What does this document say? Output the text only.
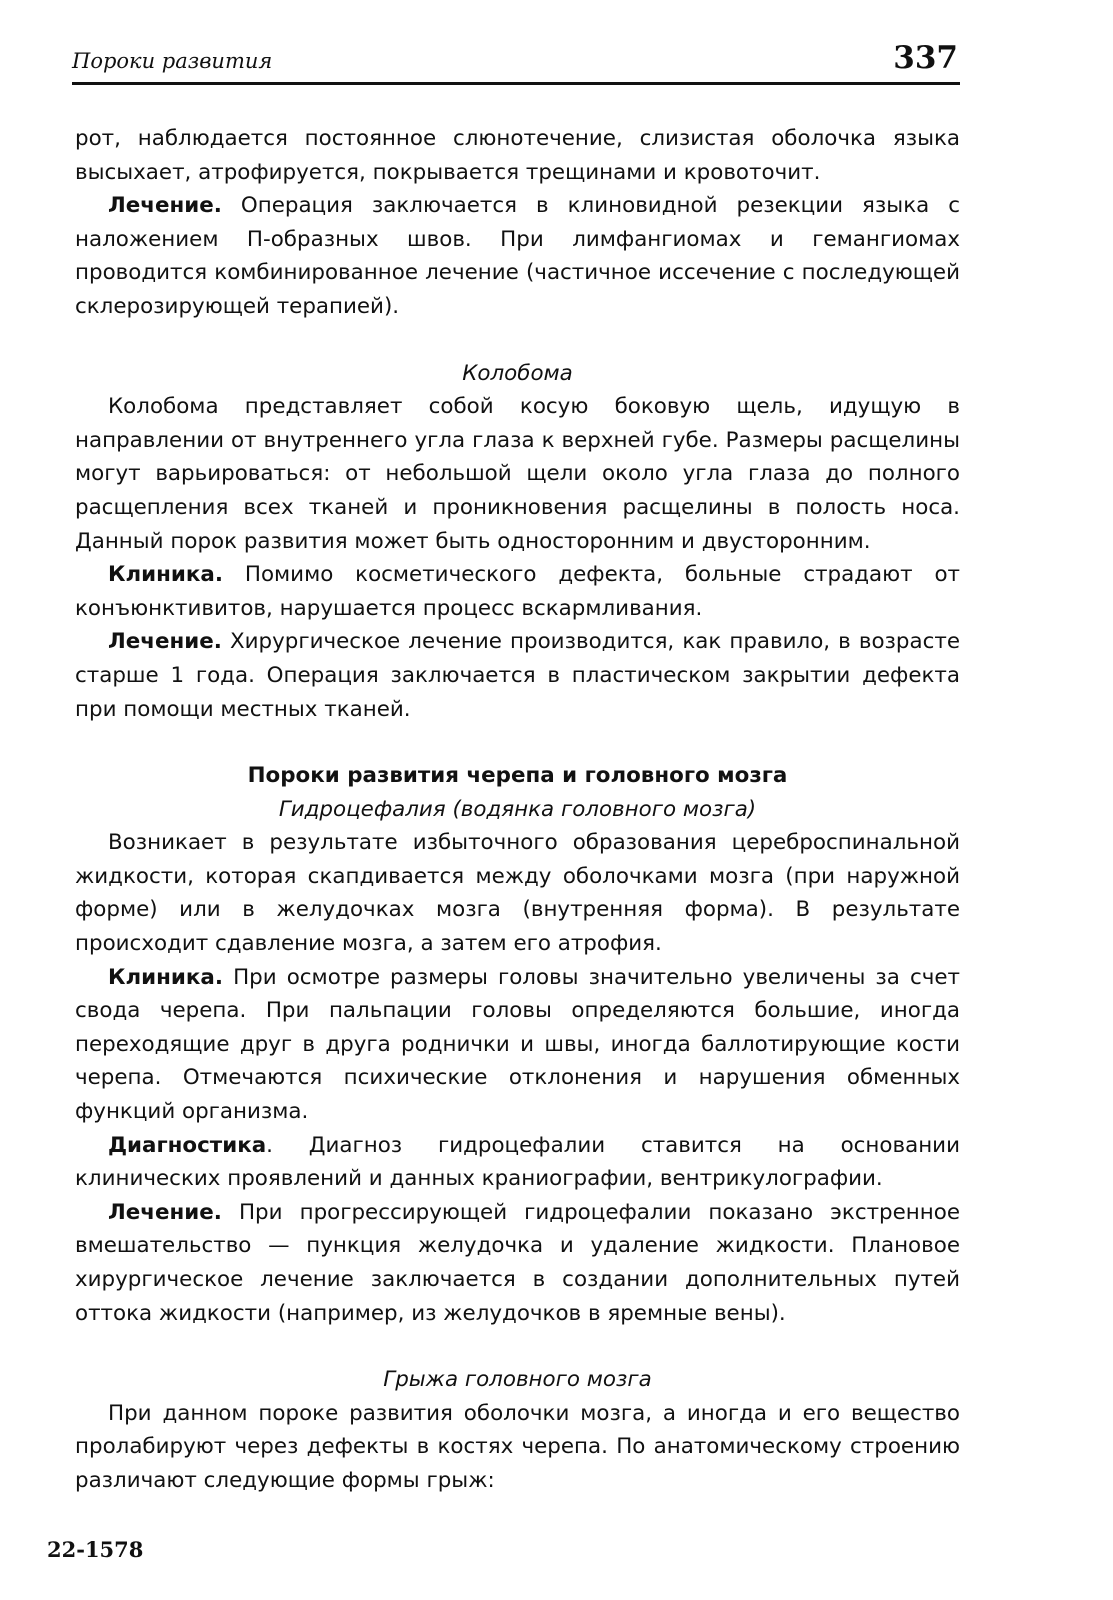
Пороки развития	337

рот, наблюдается постоянное слюнотечение, слизистая оболочка языка высыхает, атрофируется, покрывается трещинами и кровоточит.

Лечение. Операция заключается в клиновидной резекции языка с наложением П-образных швов. При лимфангиомах и гемангиомах проводится комбинированное лечение (частичное иссечение с последующей склерозирующей терапией).

Колобома

Колобома представляет собой косую боковую щель, идущую в направлении от внутреннего угла глаза к верхней губе. Размеры расщелины могут варьироваться: от небольшой щели около угла глаза до полного расщепления всех тканей и проникновения расщелины в полость носа. Данный порок развития может быть односторонним и двусторонним.

Клиника. Помимо косметического дефекта, больные страдают от конъюнктивитов, нарушается процесс вскармливания.

Лечение. Хирургическое лечение производится, как правило, в возрасте старше 1 года. Операция заключается в пластическом закрытии дефекта при помощи местных тканей.

Пороки развития черепа и головного мозга
Гидроцефалия (водянка головного мозга)

Возникает в результате избыточного образования цереброспинальной жидкости, которая скапдивается между оболочками мозга (при наружной форме) или в желудочках мозга (внутренняя форма). В результате происходит сдавление мозга, а затем его атрофия.

Клиника. При осмотре размеры головы значительно увеличены за счет свода черепа. При пальпации головы определяются большие, иногда переходящие друг в друга роднички и швы, иногда баллотирующие кости черепа. Отмечаются психические отклонения и нарушения обменных функций организма.

Диагностика. Диагноз гидроцефалии ставится на основании клинических проявлений и данных краниографии, вентрикулографии.

Лечение. При прогрессирующей гидроцефалии показано экстренное вмешательство — пункция желудочка и удаление жидкости. Плановое хирургическое лечение заключается в создании дополнительных путей оттока жидкости (например, из желудочков в яремные вены).

Грыжа головного мозга

При данном пороке развития оболочки мозга, а иногда и его вещество пролабируют через дефекты в костях черепа. По анатомическому строению различают следующие формы грыж:

22-1578
